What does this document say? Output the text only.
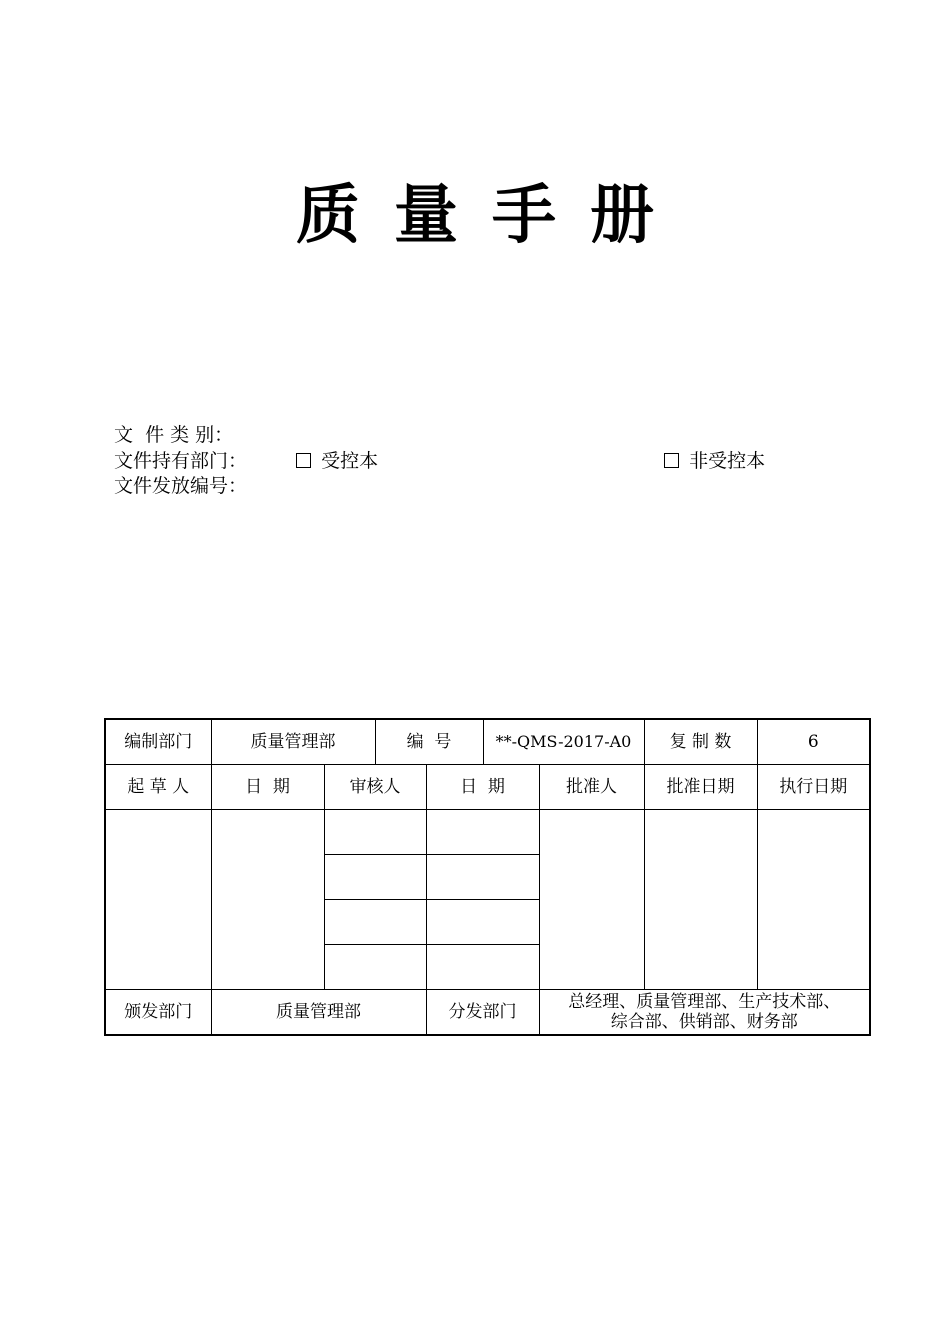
质量手册
文  件 类 别：

受控本	非受控本

文件持有部门：
文件发放编号：
编制部门	质量管理部		编  号		**-QMS-2017-A0		复 制 数	6
起 草 人	日  期	审核人		日  期		批准人	批准日期	执行日期

颁发部门	质量管理部			分发部门		总经理、质量管理部、生产技术部、
综合部、供销部、财务部		
